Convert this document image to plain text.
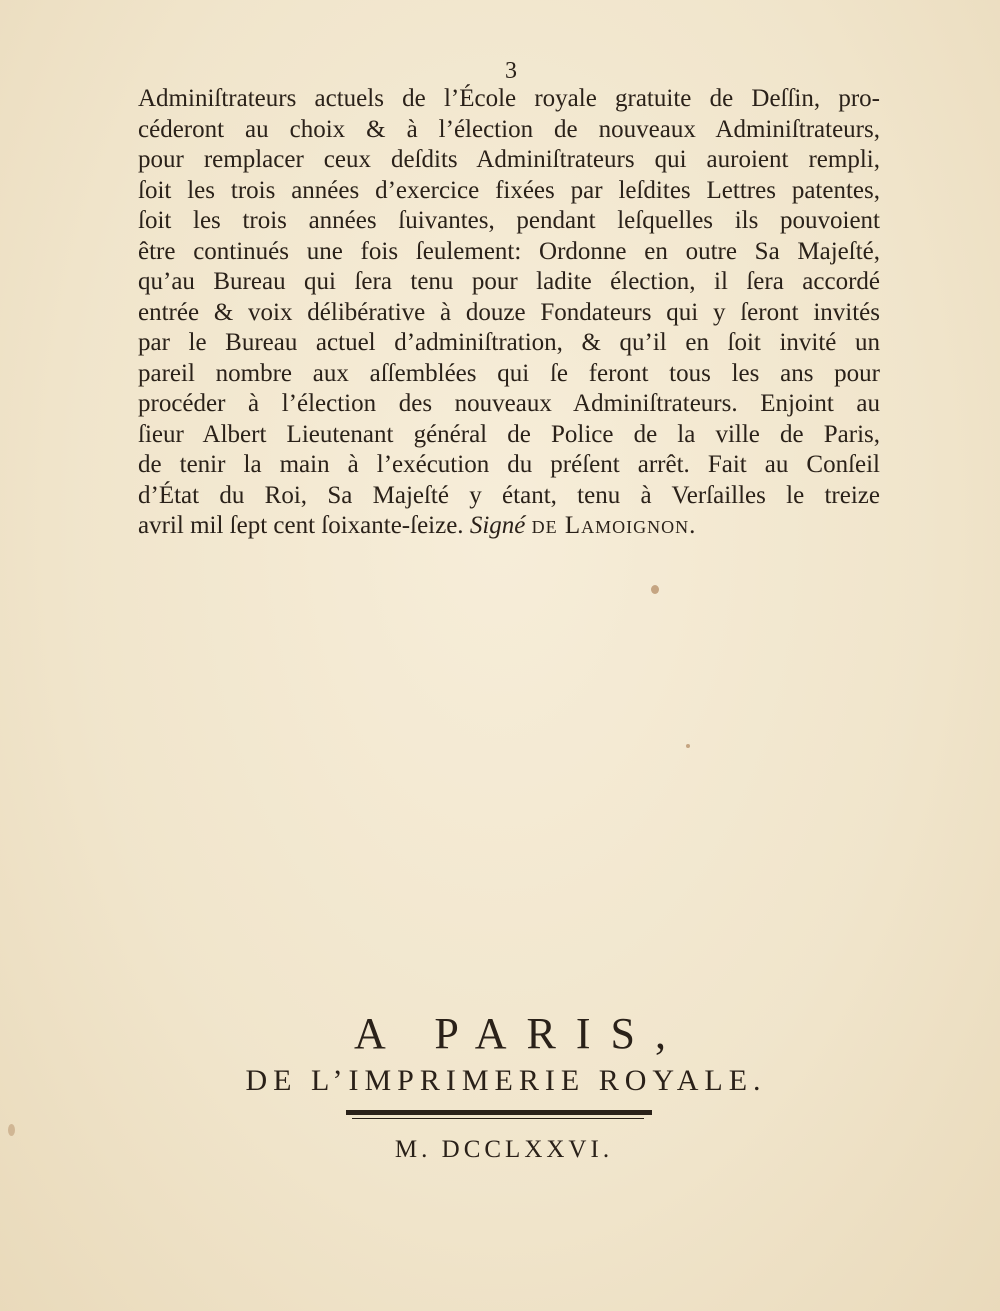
3
Adminiſtrateurs actuels de l’École royale gratuite de Deſſin, pro-
céderont au choix & à l’élection de nouveaux Adminiſtrateurs,
pour remplacer ceux deſdits Adminiſtrateurs qui auroient rempli,
ſoit les trois années d’exercice fixées par leſdites Lettres patentes,
ſoit les trois années ſuivantes, pendant leſquelles ils pouvoient
être continués une fois ſeulement: Ordonne en outre Sa Majeſté,
qu’au Bureau qui ſera tenu pour ladite élection, il ſera accordé
entrée & voix délibérative à douze Fondateurs qui y ſeront invités
par le Bureau actuel d’adminiſtration, & qu’il en ſoit invité un
pareil nombre aux aſſemblées qui ſe feront tous les ans pour
procéder à l’élection des nouveaux Adminiſtrateurs. Enjoint au
ſieur Albert Lieutenant général de Police de la ville de Paris,
de tenir la main à l’exécution du préſent arrêt. Fait au Conſeil
d’État du Roi, Sa Majeſté y étant, tenu à Verſailles le treize
avril mil ſept cent ſoixante-ſeize. Signé de Lamoignon.
A PARIS,
DE L’IMPRIMERIE ROYALE.
M. DCCLXXVI.
